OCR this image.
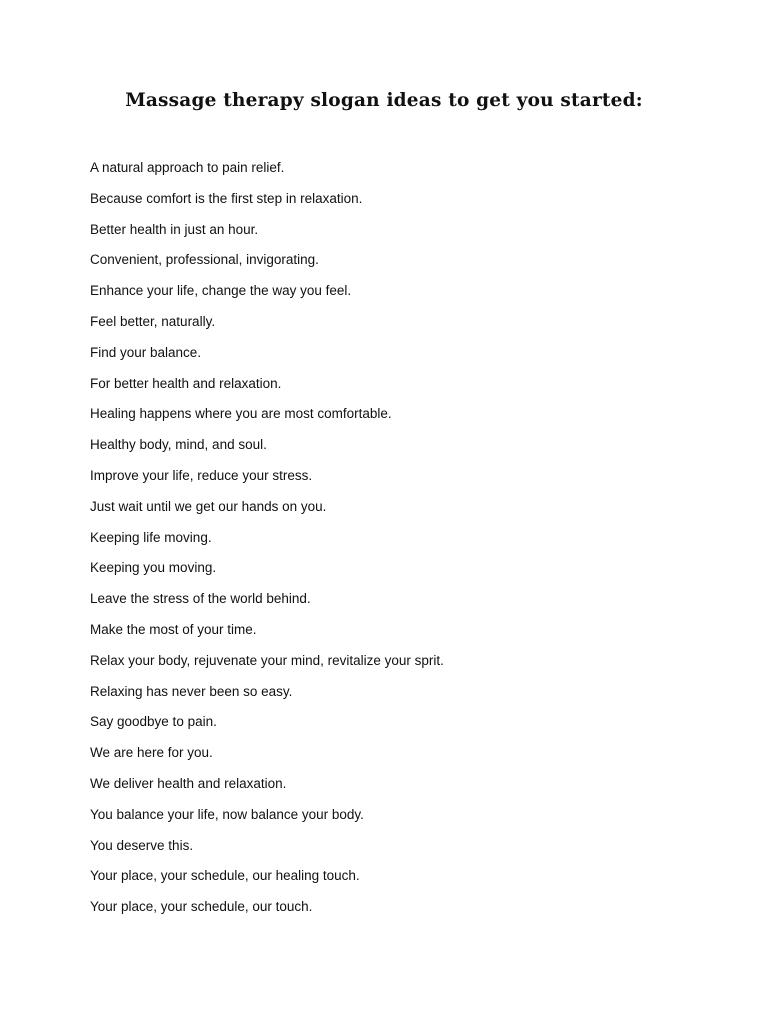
Massage therapy slogan ideas to get you started:
A natural approach to pain relief.
Because comfort is the first step in relaxation.
Better health in just an hour.
Convenient, professional, invigorating.
Enhance your life, change the way you feel.
Feel better, naturally.
Find your balance.
For better health and relaxation.
Healing happens where you are most comfortable.
Healthy body, mind, and soul.
Improve your life, reduce your stress.
Just wait until we get our hands on you.
Keeping life moving.
Keeping you moving.
Leave the stress of the world behind.
Make the most of your time.
Relax your body, rejuvenate your mind, revitalize your sprit.
Relaxing has never been so easy.
Say goodbye to pain.
We are here for you.
We deliver health and relaxation.
You balance your life, now balance your body.
You deserve this.
Your place, your schedule, our healing touch.
Your place, your schedule, our touch.
